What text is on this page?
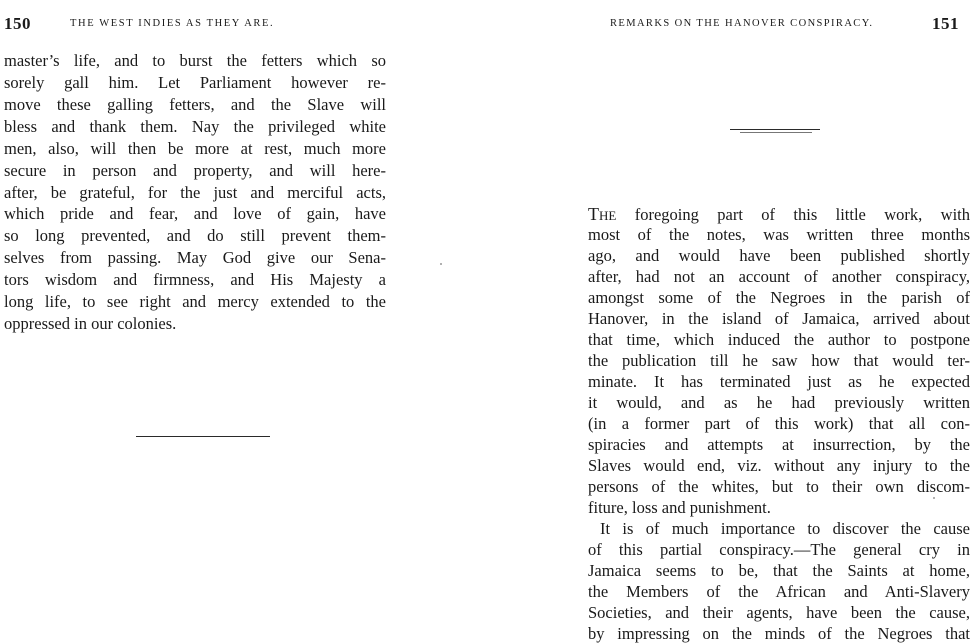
150	THE WEST INDIES AS THEY ARE.
master’s life, and to burst the fetters which so
sorely gall him. Let Parliament however re-
move these galling fetters, and the Slave will
bless and thank them. Nay the privileged white
men, also, will then be more at rest, much more
secure in person and property, and will here-
after, be grateful, for the just and merciful acts,
which pride and fear, and love of gain, have
so long prevented, and do still prevent them-
selves from passing. May God give our Sena-
tors wisdom and firmness, and His Majesty a
long life, to see right and mercy extended to the
oppressed in our colonies.
REMARKS ON THE HANOVER CONSPIRACY.	151
The foregoing part of this little work, with
most of the notes, was written three months
ago, and would have been published shortly
after, had not an account of another conspiracy,
amongst some of the Negroes in the parish of
Hanover, in the island of Jamaica, arrived about
that time, which induced the author to postpone
the publication till he saw how that would ter-
minate. It has terminated just as he expected
it would, and as he had previously written
(in a former part of this work) that all con-
spiracies and attempts at insurrection, by the
Slaves would end, viz. without any injury to the
persons of the whites, but to their own discom-
fiture, loss and punishment.
It is of much importance to discover the cause
of this partial conspiracy.—The general cry in
Jamaica seems to be, that the Saints at home,
the Members of the African and Anti-Slavery
Societies, and their agents, have been the cause,
by impressing on the minds of the Negroes that
